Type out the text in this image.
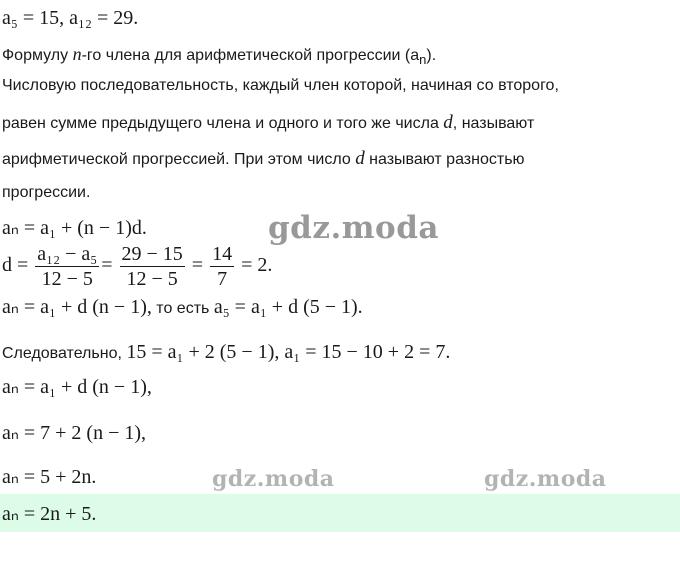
a₅ = 15, a₁₂ = 29.
Формулу n-го члена для арифметической прогрессии $(a_n)$.
Числовую последовательность, каждый член которой, начиная со второго,
равен сумме предыдущего члена и одного и того же числа d, называют
арифметической прогрессией. При этом число d называют разностью
прогрессии.
aₙ = a₁ + (n − 1)d.
$d = \frac{\text{a₁₂ − a₅}}{12 - 5} = \frac{29 - 15}{12 - 5} = \frac{14}{7} = 2$.
aₙ = a₁ + d (n − 1), то есть a₅ = a₁ + d (5 − 1).
Следовательно, 15 = a₁ + 2 (5 − 1), a₁ = 15 − 10 + 2 = 7.
aₙ = a₁ + d (n − 1),
aₙ = 7 + 2 (n − 1),
aₙ = 5 + 2n.
aₙ = 2n + 5.
gdz.moda
gdz.moda	gdz.moda
